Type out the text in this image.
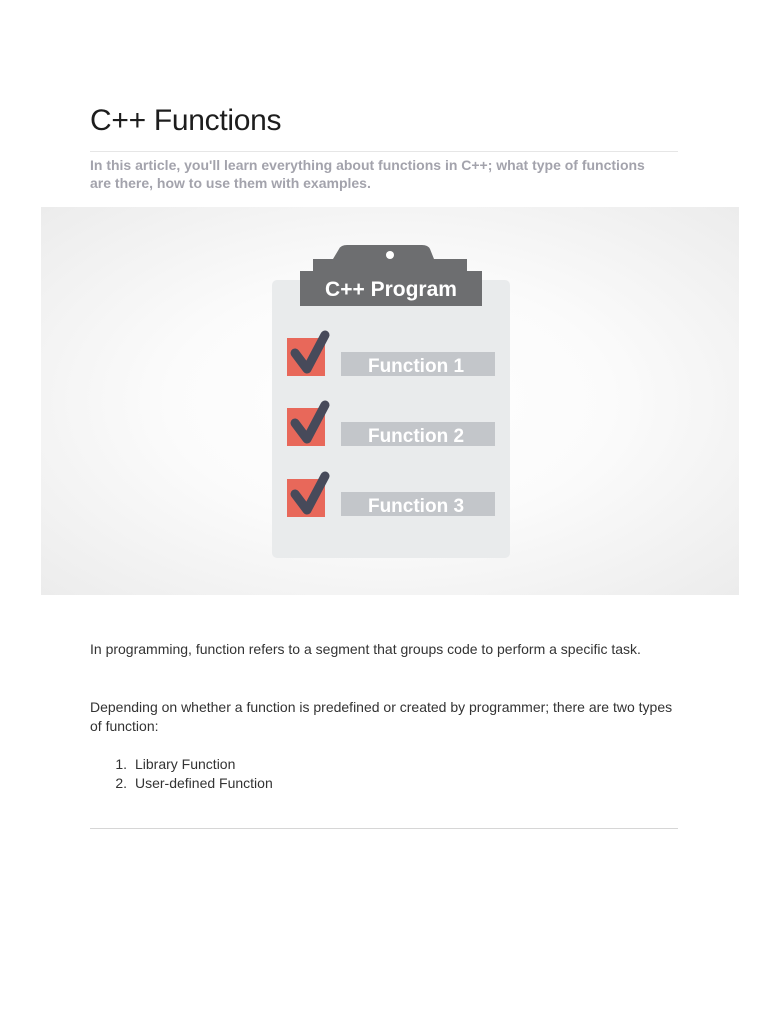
C++ Functions

In this article, you'll learn everything about functions in C++; what type of functions are there, how to use them with examples.

C++ Program
Function 1
Function 2
Function 3

In programming, function refers to a segment that groups code to perform a specific task.

Depending on whether a function is predefined or created by programmer; there are two types of function:

1. Library Function
2. User-defined Function
